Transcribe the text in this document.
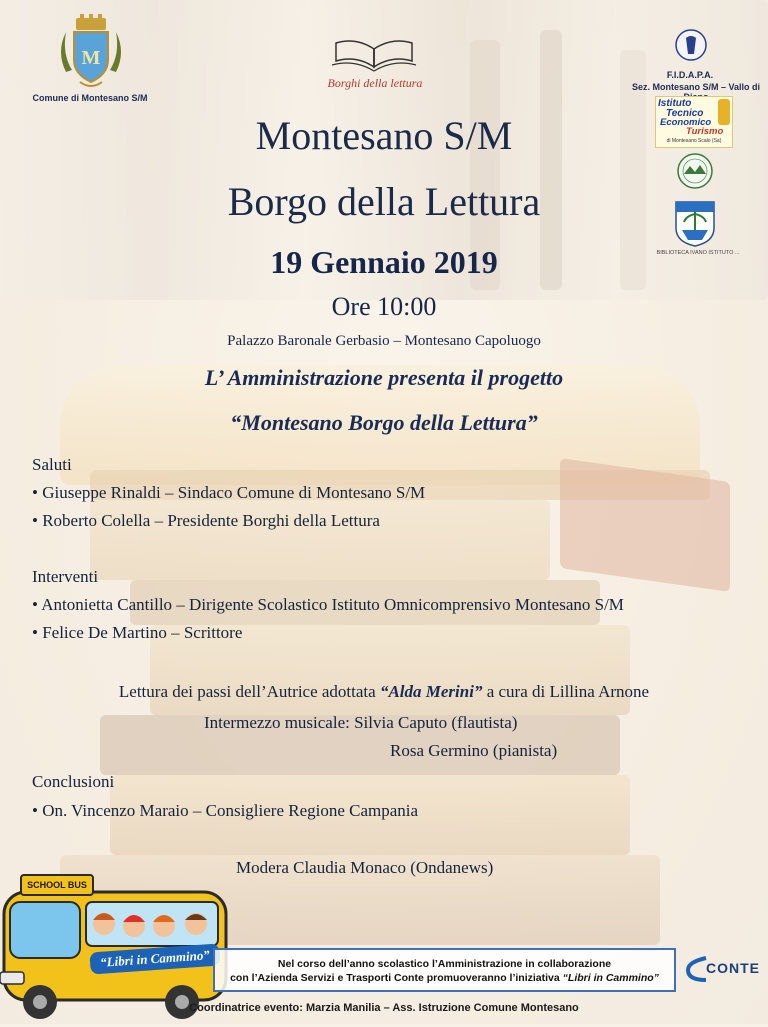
M
Comune di Montesano S/M
Borghi della lettura
F.I.D.A.P.A.
Sez. Montesano S/M – Vallo di
Istituto
Tecnico
Economico
Turismo
di Montesano Scalo (Sa)
BIBLIOTECA IVANO ISTITUTO ...
Montesano S/M
Borgo della Lettura
19 Gennaio 2019
Ore 10:00
Palazzo Baronale Gerbasio – Montesano Capoluogo
L’ Amministrazione presenta il progetto
“Montesano Borgo della Lettura”
Saluti
• Giuseppe Rinaldi – Sindaco Comune di Montesano S/M
• Roberto Colella – Presidente Borghi della Lettura
Interventi
• Antonietta Cantillo – Dirigente Scolastico Istituto Omnicomprensivo Montesano S/M
• Felice De Martino – Scrittore
Lettura dei passi dell’Autrice adottata “Alda Merini” a cura di Lillina Arnone
Intermezzo musicale: Silvia Caputo (flautista)
Rosa Germino (pianista)
Conclusioni
• On. Vincenzo Maraio – Consigliere Regione Campania
Modera Claudia Monaco (Ondanews)
SCHOOL BUS
“Libri in Cammino”	Nel corso dell’anno scolastico l’Amministrazione in collaborazione
con l’Azienda Servizi e Trasporti Conte promuoveranno l’iniziativa “Libri in Cammino”
CONTE
Coordinatrice evento: Marzia Manilia – Ass. Istruzione Comune Montesano
